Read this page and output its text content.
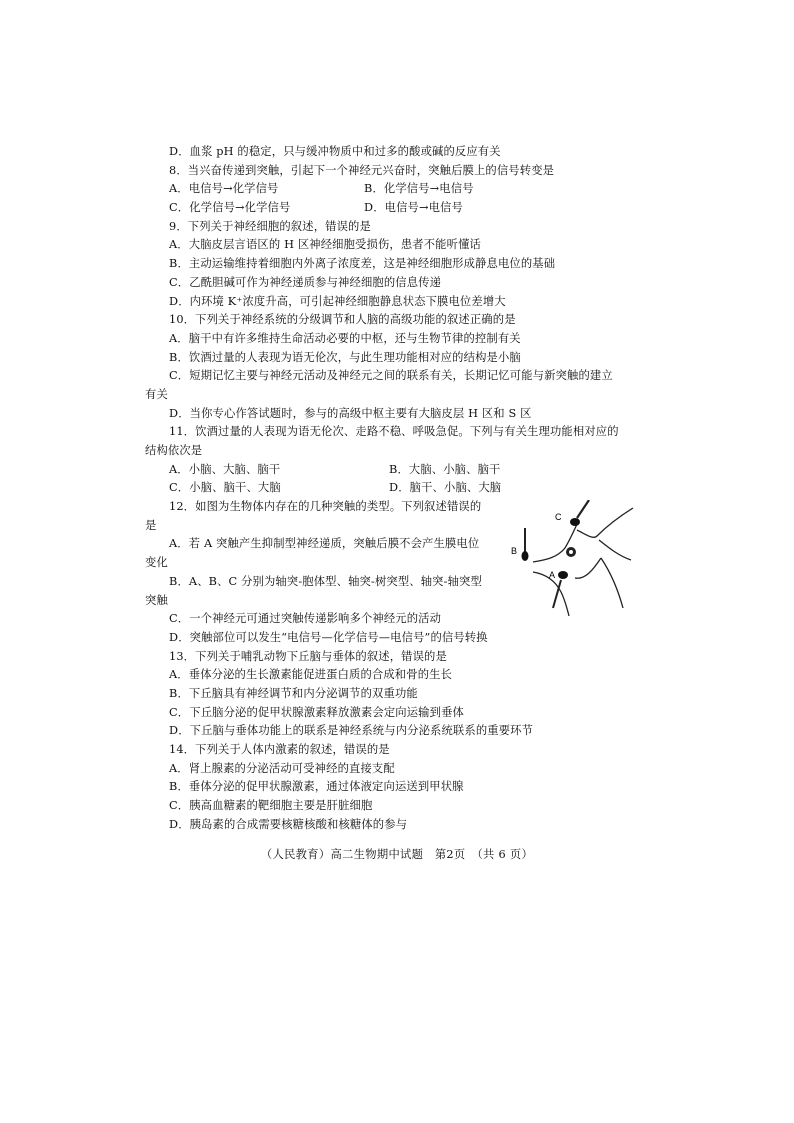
D．血浆 pH 的稳定，只与缓冲物质中和过多的酸或碱的反应有关
8．当兴奋传递到突触，引起下一个神经元兴奋时，突触后膜上的信号转变是
A．电信号→化学信号	B．化学信号→电信号
C．化学信号→化学信号	D．电信号→电信号
9．下列关于神经细胞的叙述，错误的是
A．大脑皮层言语区的 H 区神经细胞受损伤，患者不能听懂话
B．主动运输维持着细胞内外离子浓度差，这是神经细胞形成静息电位的基础
C．乙酰胆碱可作为神经递质参与神经细胞的信息传递
D．内环境 K⁺浓度升高，可引起神经细胞静息状态下膜电位差增大
10．下列关于神经系统的分级调节和人脑的高级功能的叙述正确的是
A．脑干中有许多维持生命活动必要的中枢，还与生物节律的控制有关
B．饮酒过量的人表现为语无伦次，与此生理功能相对应的结构是小脑
C．短期记忆主要与神经元活动及神经元之间的联系有关，长期记忆可能与新突触的建立
有关
D．当你专心作答试题时，参与的高级中枢主要有大脑皮层 H 区和 S 区
11．饮酒过量的人表现为语无伦次、走路不稳、呼吸急促。下列与有关生理功能相对应的
结构依次是
A．小脑、大脑、脑干	B．大脑、小脑、脑干
C．小脑、脑干、大脑	D．脑干、小脑、大脑
12．如图为生物体内存在的几种突触的类型。下列叙述错误的
是
A．若 A 突触产生抑制型神经递质，突触后膜不会产生膜电位
变化
B．A、B、C 分别为轴突-胞体型、轴突-树突型、轴突-轴突型
突触
C．一个神经元可通过突触传递影响多个神经元的活动
D．突触部位可以发生“电信号—化学信号—电信号”的信号转换
13．下列关于哺乳动物下丘脑与垂体的叙述，错误的是
A．垂体分泌的生长激素能促进蛋白质的合成和骨的生长
B．下丘脑具有神经调节和内分泌调节的双重功能
C．下丘脑分泌的促甲状腺激素释放激素会定向运输到垂体
D．下丘脑与垂体功能上的联系是神经系统与内分泌系统联系的重要环节
14．下列关于人体内激素的叙述，错误的是
A．肾上腺素的分泌活动可受神经的直接支配
B．垂体分泌的促甲状腺激素，通过体液定向运送到甲状腺
C．胰高血糖素的靶细胞主要是肝脏细胞
D．胰岛素的合成需要核糖核酸和核糖体的参与
C
B
A
（人民教育）高二生物期中试题　第2页　（共 6 页）
